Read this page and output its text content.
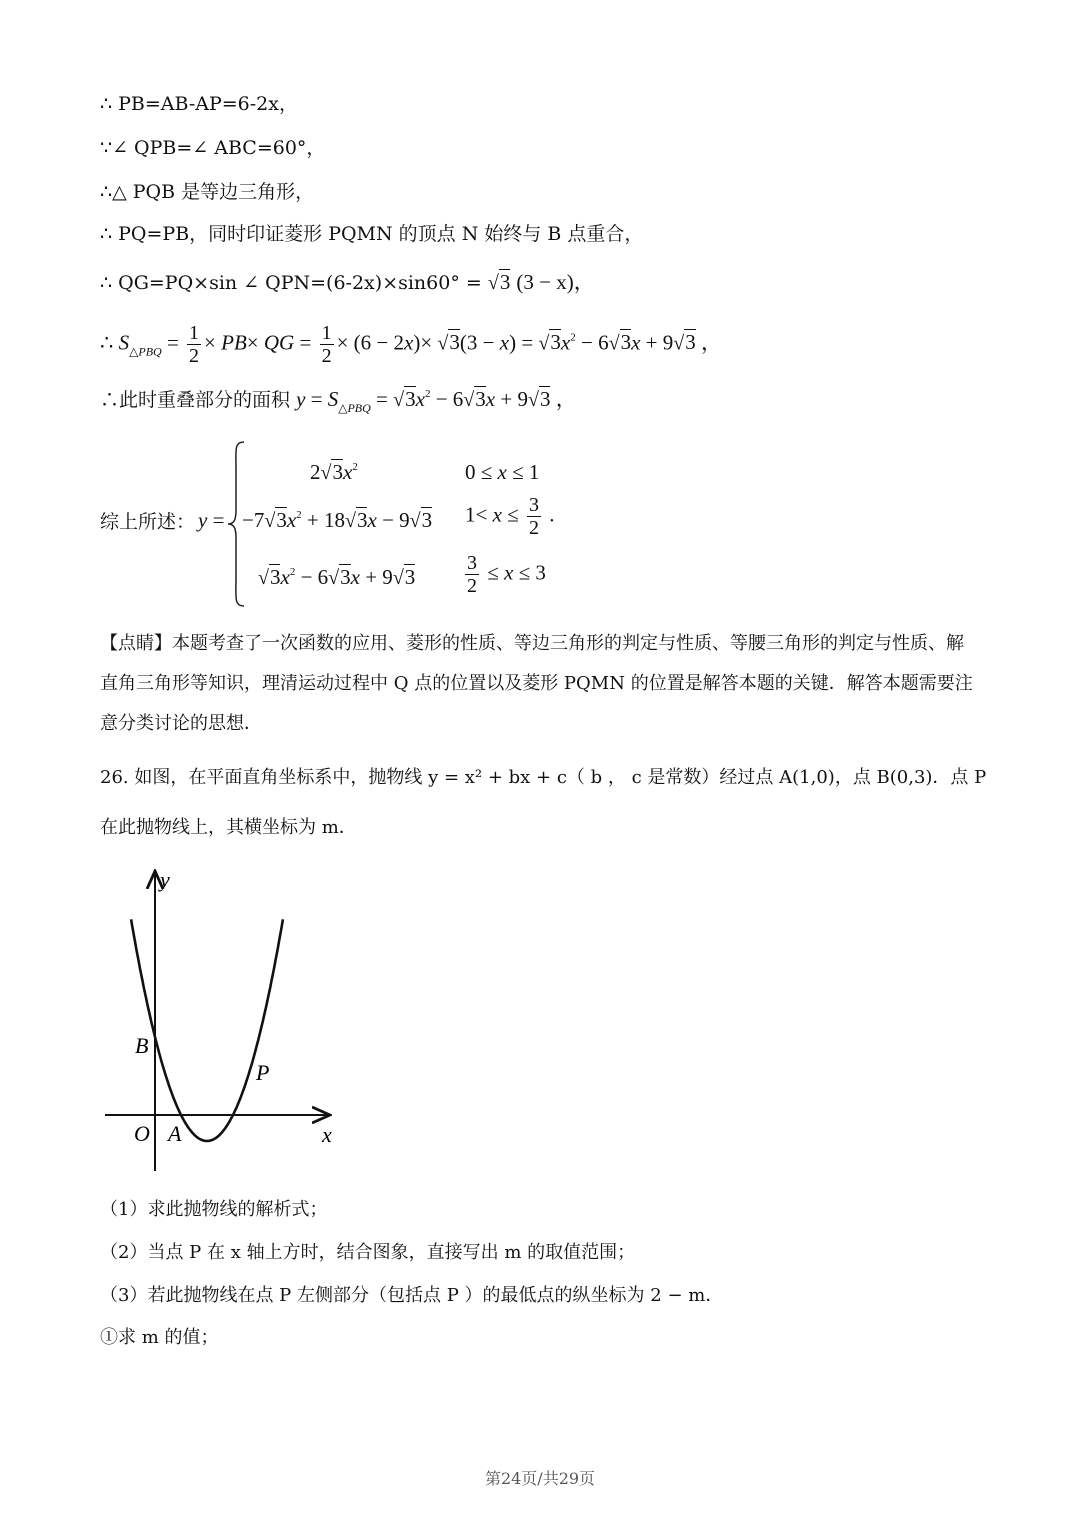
∴ PB=AB-AP=6-2x，
∵∠ QPB=∠ ABC=60°，
∴△ PQB 是等边三角形，
∴ PQ=PB，同时印证菱形 PQMN 的顶点 N 始终与 B 点重合，
∴ QG=PQ×sin ∠ QPN=(6-2x)×sin60° = √3 (3 − x)，
∴ $S_{\triangle PBQ} = \frac{1}{2} \times PB\times$ QG = $\frac{1}{2} \times (6 - 2x)\times √3(3 - x) = √3x^2 - 6√3x + 9√3$ ，
∴此时重叠部分的面积 $y = S_{\triangle PBQ} = √3x^2 - 6√3x + 9√3$ ，
综上所述： y =
$2√3x^2$	0 ≤ x ≤ 1
$-7√3x^2 + 18√3x - 9√3$ $1< x \le \frac{3}{2}$ .
$√3x^2 - 6√3x + 9√3 \frac{3}{2} \le x \le 3$
【点睛】本题考查了一次函数的应用、菱形的性质、等边三角形的判定与性质、等腰三角形的判定与性质、解直角三角形等知识，理清运动过程中 Q 点的位置以及菱形 PQMN 的位置是解答本题的关键．解答本题需要注意分类讨论的思想．
26. 如图，在平面直角坐标系中，抛物线 y = x² + bx + c（ b ， c 是常数）经过点 A(1,0)，点 B(0,3)．点 P
在此抛物线上，其横坐标为 m．
y
x
O A
B
P
（1）求此抛物线的解析式；
（2）当点 P 在 x 轴上方时，结合图象，直接写出 m 的取值范围；
（3）若此抛物线在点 P 左侧部分（包括点 P ）的最低点的纵坐标为 2 − m．
①求 m 的值；
第24页/共29页
